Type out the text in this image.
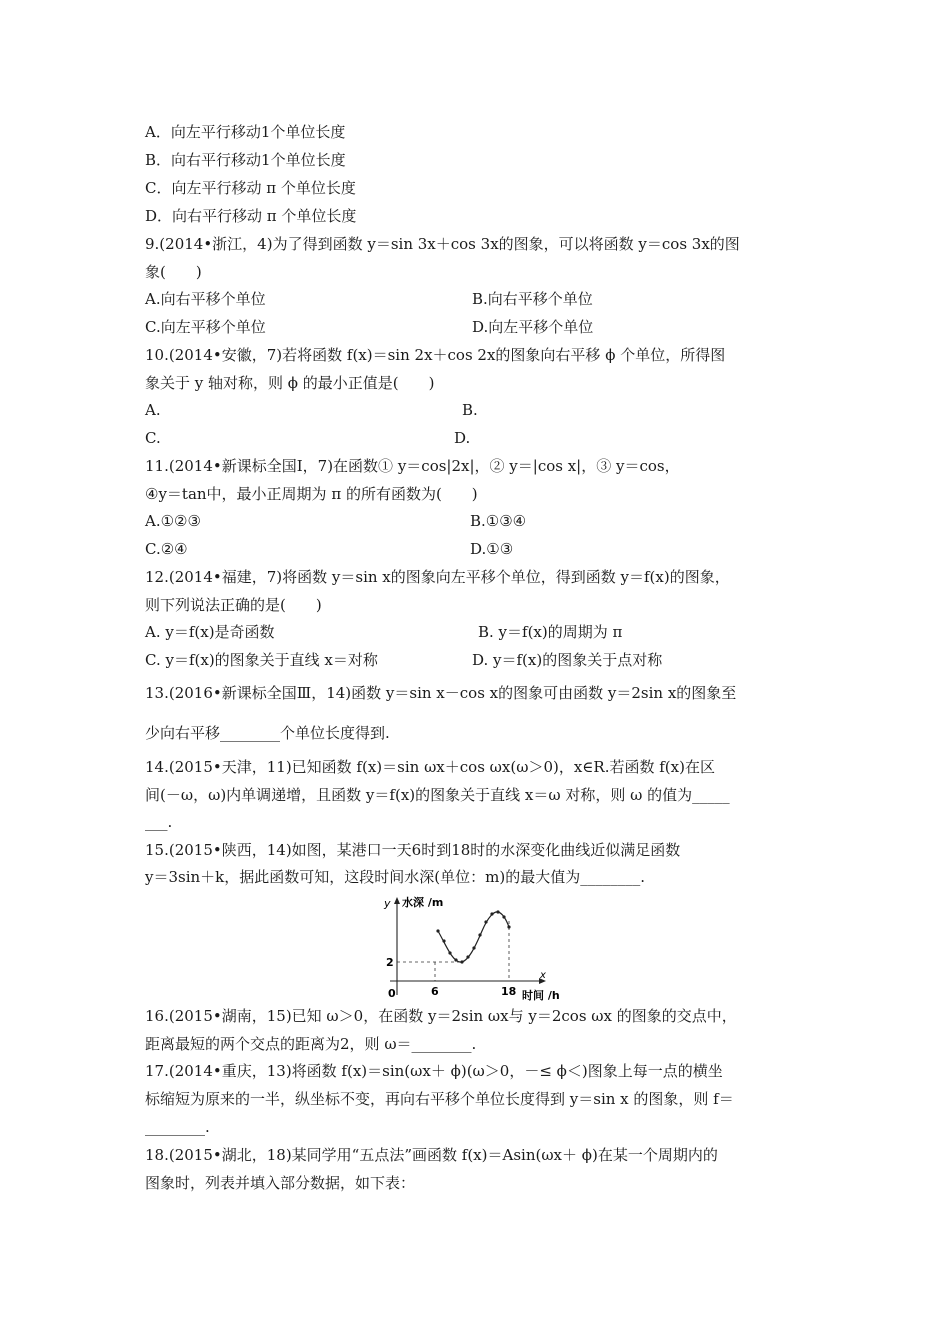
A．向左平行移动1个单位长度
B．向右平行移动1个单位长度
C．向左平行移动 π 个单位长度
D．向右平行移动 π 个单位长度
9.(2014•浙江，4)为了得到函数 y＝sin 3x＋cos 3x的图象，可以将函数 y＝cos 3x的图
象(　　)
A.向右平移个单位	B.向右平移个单位
C.向左平移个单位	D.向左平移个单位
10.(2014•安徽，7)若将函数 f(x)＝sin 2x＋cos 2x的图象向右平移 ϕ 个单位，所得图
象关于 y 轴对称，则 ϕ 的最小正值是(　　)
A.	B.
C.	D.
11.(2014•新课标全国Ⅰ，7)在函数① y＝cos|2x|，② y＝|cos x|，③ y＝cos，
④y＝tan中，最小正周期为 π 的所有函数为(　　)
A.①②③	B.①③④
C.②④	D.①③
12.(2014•福建，7)将函数 y＝sin x的图象向左平移个单位，得到函数 y＝f(x)的图象，
则下列说法正确的是(　　)
A. y＝f(x)是奇函数	B. y＝f(x)的周期为 π
C. y＝f(x)的图象关于直线 x＝对称	D. y＝f(x)的图象关于点对称
13.(2016•新课标全国Ⅲ，14)函数 y＝sin x－cos x的图象可由函数 y＝2sin x的图象至
少向右平移________个单位长度得到.
14.(2015•天津，11)已知函数 f(x)＝sin ωx＋cos ωx(ω＞0)，x∈R.若函数 f(x)在区
间(－ω，ω)内单调递增，且函数 y＝f(x)的图象关于直线 x＝ω 对称，则 ω 的值为_____
___.
15.(2015•陕西，14)如图，某港口一天6时到18时的水深变化曲线近似满足函数
y＝3sin＋k，据此函数可知，这段时间水深(单位：m)的最大值为________.
y 水深 /m
x
时间 /h
0
2
6	18
16.(2015•湖南，15)已知 ω＞0，在函数 y＝2sin ωx与 y＝2cos ωx 的图象的交点中，
距离最短的两个交点的距离为2，则 ω＝________.
17.(2014•重庆，13)将函数 f(x)＝sin(ωx＋ ϕ)(ω＞0，－≤ ϕ＜)图象上每一点的横坐
标缩短为原来的一半，纵坐标不变，再向右平移个单位长度得到 y＝sin x 的图象，则 f＝
________.
18.(2015•湖北，18)某同学用“五点法”画函数 f(x)＝Asin(ωx＋ ϕ)在某一个周期内的
图象时，列表并填入部分数据，如下表：
